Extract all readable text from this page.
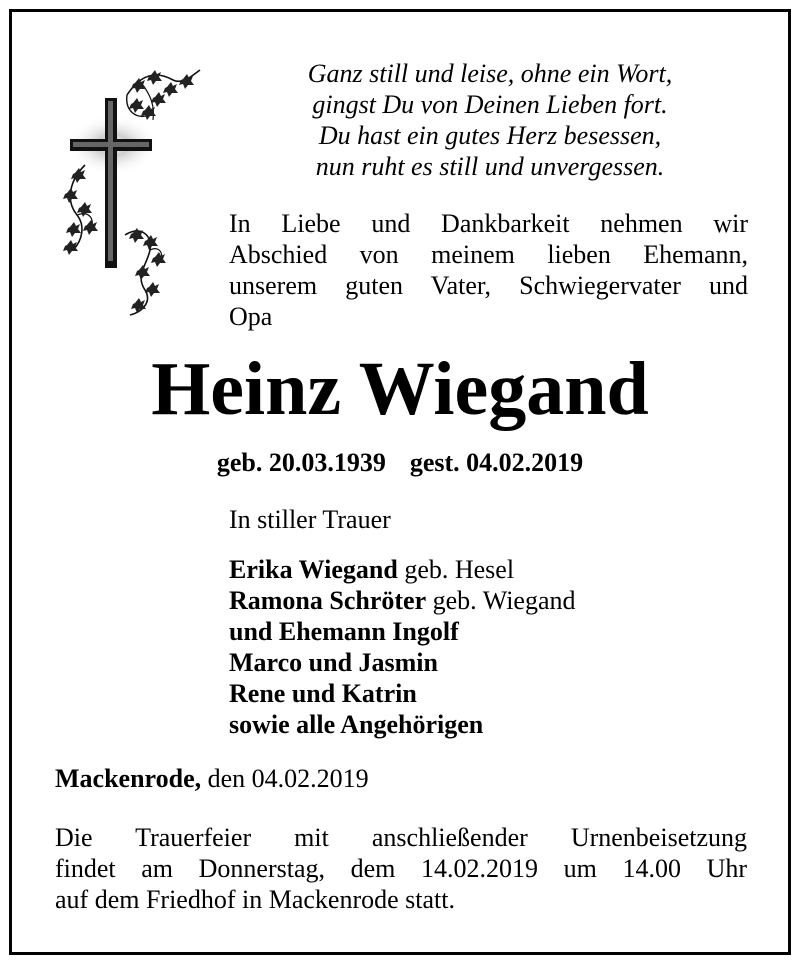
Ganz still und leise, ohne ein Wort,
gingst Du von Deinen Lieben fort.
Du hast ein gutes Herz besessen,
nun ruht es still und unvergessen.
In Liebe und Dankbarkeit nehmen wir
Abschied von meinem lieben Ehemann,
unserem guten Vater, Schwiegervater und
Opa
Heinz Wiegand
geb. 20.03.1939 gest. 04.02.2019
In stiller Trauer
Erika Wiegand geb. Hesel
Ramona Schröter geb. Wiegand
und Ehemann Ingolf
Marco und Jasmin
Rene und Katrin
sowie alle Angehörigen
Mackenrode, den 04.02.2019
Die Trauerfeier mit anschließender Urnenbeisetzung
findet am Donnerstag, dem 14.02.2019 um 14.00 Uhr
auf dem Friedhof in Mackenrode statt.
